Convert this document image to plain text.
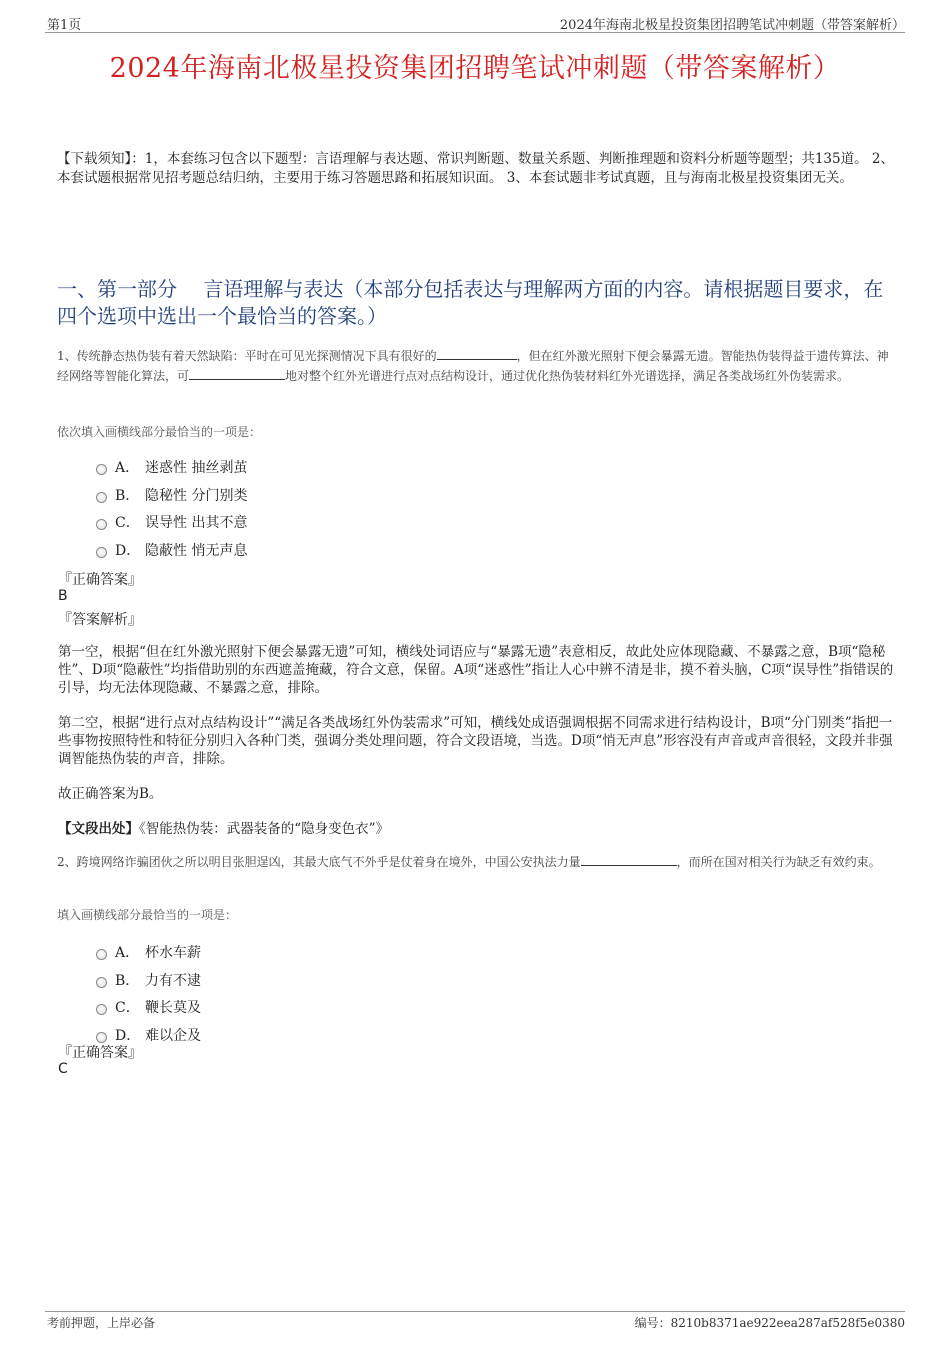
第1页	2024年海南北极星投资集团招聘笔试冲刺题（带答案解析）
2024年海南北极星投资集团招聘笔试冲刺题（带答案解析）
【下载须知】：1，本套练习包含以下题型：言语理解与表达题、常识判断题、数量关系题、判断推理题和资料分析题等题型；共135道。 2、本套试题根据常见招考题总结归纳，主要用于练习答题思路和拓展知识面。 3、本套试题非考试真题，且与海南北极星投资集团无关。
一、第一部分　 言语理解与表达（本部分包括表达与理解两方面的内容。请根据题目要求，在四个选项中选出一个最恰当的答案。）
1、传统静态热伪装有着天然缺陷：平时在可见光探测情况下具有很好的	，但在红外激光照射下便会暴露无遗。智能热伪装得益于遗传算法、神经网络等智能化算法，可	地对整个红外光谱进行点对点结构设计，通过优化热伪装材料红外光谱选择，满足各类战场红外伪装需求。
依次填入画横线部分最恰当的一项是：
A． 迷惑性 抽丝剥茧
B． 隐秘性 分门别类
C． 误导性 出其不意
D． 隐蔽性 悄无声息
『正确答案』
B
『答案解析』
第一空，根据“但在红外激光照射下便会暴露无遗”可知，横线处词语应与“暴露无遗”表意相反，故此处应体现隐藏、不暴露之意，B项“隐秘性”、D项“隐蔽性”均指借助别的东西遮盖掩藏，符合文意，保留。A项“迷惑性”指让人心中辨不清是非，摸不着头脑，C项“误导性”指错误的引导，均无法体现隐藏、不暴露之意，排除。
第二空，根据“进行点对点结构设计”“满足各类战场红外伪装需求”可知，横线处成语强调根据不同需求进行结构设计，B项“分门别类”指把一些事物按照特性和特征分别归入各种门类，强调分类处理问题，符合文段语境，当选。D项“悄无声息”形容没有声音或声音很轻，文段并非强调智能热伪装的声音，排除。
故正确答案为B。
【文段出处】《智能热伪装：武器装备的“隐身变色衣”》
2、跨境网络诈骗团伙之所以明目张胆逞凶，其最大底气不外乎是仗着身在境外，中国公安执法力量	，而所在国对相关行为缺乏有效约束。
填入画横线部分最恰当的一项是：
A． 杯水车薪
B． 力有不逮
C． 鞭长莫及
D． 难以企及
『正确答案』
C
考前押题，上岸必备	编号：8210b8371ae922eea287af528f5e0380
